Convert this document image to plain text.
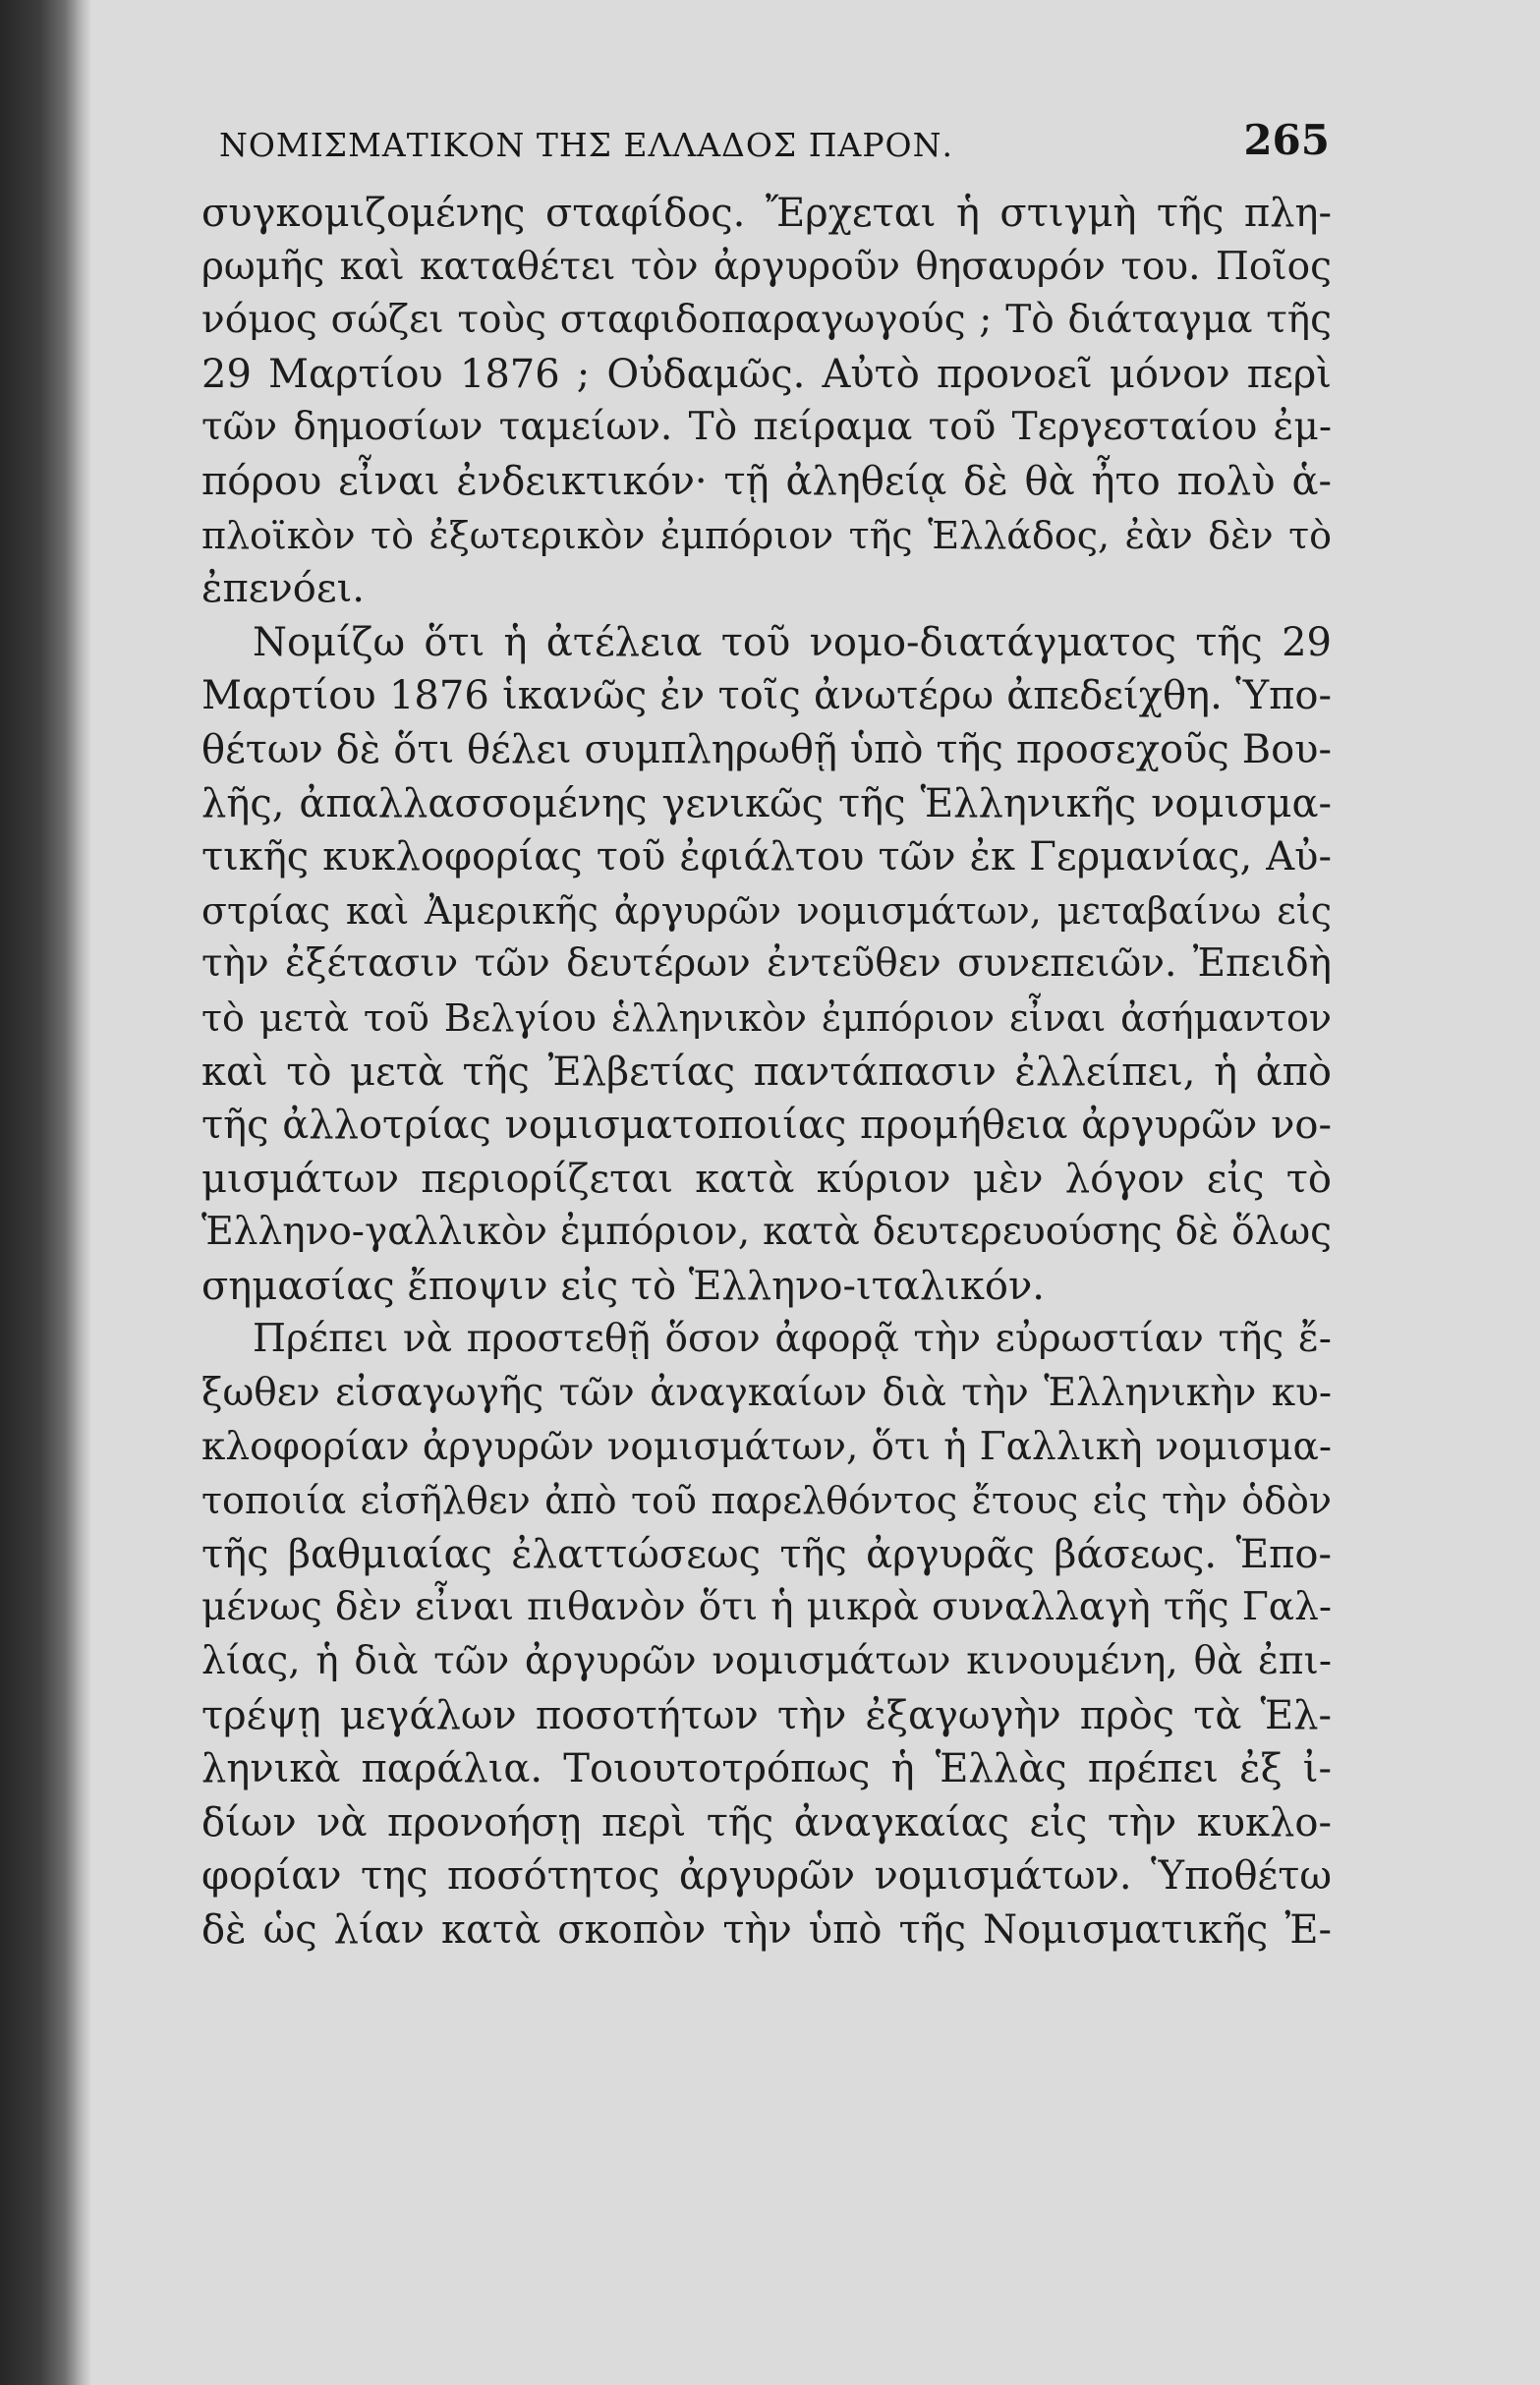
ΝΟΜΙΣΜΑΤΙΚΟΝ ΤΗΣ ΕΛΛΑΔΟΣ ΠΑΡΟΝ.	265
συγκομιζομένης σταφίδος. Ἔρχεται ἡ στιγμὴ τῆς πλη-
ρωμῆς καὶ καταθέτει τὸν ἀργυροῦν θησαυρόν του. Ποῖος
νόμος σώζει τοὺς σταφιδοπαραγωγούς ; Τὸ διάταγμα τῆς
29 Μαρτίου 1876 ; Οὐδαμῶς. Αὐτὸ προνοεῖ μόνον περὶ
τῶν δημοσίων ταμείων. Τὸ πείραμα τοῦ Τεργεσταίου ἐμ-
πόρου εἶναι ἐνδεικτικόν· τῇ ἀληθείᾳ δὲ θὰ ἦτο πολὺ ἁ-
πλοϊκὸν τὸ ἐξωτερικὸν ἐμπόριον τῆς Ἑλλάδος, ἐὰν δὲν τὸ
ἐπενόει.
Νομίζω ὅτι ἡ ἀτέλεια τοῦ νομο-διατάγματος τῆς 29
Μαρτίου 1876 ἱκανῶς ἐν τοῖς ἀνωτέρω ἀπεδείχθη. Ὑπο-
θέτων δὲ ὅτι θέλει συμπληρωθῇ ὑπὸ τῆς προσεχοῦς Βου-
λῆς, ἀπαλλασσομένης γενικῶς τῆς Ἑλληνικῆς νομισμα-
τικῆς κυκλοφορίας τοῦ ἐφιάλτου τῶν ἐκ Γερμανίας, Αὐ-
στρίας καὶ Ἀμερικῆς ἀργυρῶν νομισμάτων, μεταβαίνω εἰς
τὴν ἐξέτασιν τῶν δευτέρων ἐντεῦθεν συνεπειῶν. Ἐπειδὴ
τὸ μετὰ τοῦ Βελγίου ἑλληνικὸν ἐμπόριον εἶναι ἀσήμαντον
καὶ τὸ μετὰ τῆς Ἐλβετίας παντάπασιν ἐλλείπει, ἡ ἀπὸ
τῆς ἀλλοτρίας νομισματοποιίας προμήθεια ἀργυρῶν νο-
μισμάτων περιορίζεται κατὰ κύριον μὲν λόγον εἰς τὸ
Ἑλληνο-γαλλικὸν ἐμπόριον, κατὰ δευτερευούσης δὲ ὅλως
σημασίας ἔποψιν εἰς τὸ Ἑλληνο-ιταλικόν.
Πρέπει νὰ προστεθῇ ὅσον ἀφορᾷ τὴν εὐρωστίαν τῆς ἔ-
ξωθεν εἰσαγωγῆς τῶν ἀναγκαίων διὰ τὴν Ἑλληνικὴν κυ-
κλοφορίαν ἀργυρῶν νομισμάτων, ὅτι ἡ Γαλλικὴ νομισμα-
τοποιία εἰσῆλθεν ἀπὸ τοῦ παρελθόντος ἔτους εἰς τὴν ὁδὸν
τῆς βαθμιαίας ἐλαττώσεως τῆς ἀργυρᾶς βάσεως. Ἑπο-
μένως δὲν εἶναι πιθανὸν ὅτι ἡ μικρὰ συναλλαγὴ τῆς Γαλ-
λίας, ἡ διὰ τῶν ἀργυρῶν νομισμάτων κινουμένη, θὰ ἐπι-
τρέψῃ μεγάλων ποσοτήτων τὴν ἐξαγωγὴν πρὸς τὰ Ἑλ-
ληνικὰ παράλια. Τοιουτοτρόπως ἡ Ἑλλὰς πρέπει ἐξ ἰ-
δίων νὰ προνοήσῃ περὶ τῆς ἀναγκαίας εἰς τὴν κυκλο-
φορίαν της ποσότητος ἀργυρῶν νομισμάτων. Ὑποθέτω
δὲ ὡς λίαν κατὰ σκοπὸν τὴν ὑπὸ τῆς Νομισματικῆς Ἐ-
